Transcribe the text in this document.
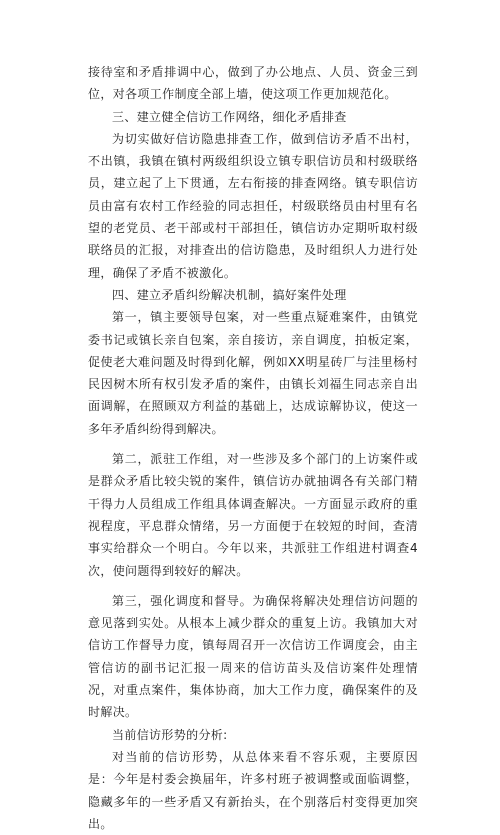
接待室和矛盾排调中心，做到了办公地点、人员、资金三到位，对各项工作制度全部上墙，使这项工作更加规范化。

三、建立健全信访工作网络，细化矛盾排查

为切实做好信访隐患排查工作，做到信访矛盾不出村，不出镇，我镇在镇村两级组织设立镇专职信访员和村级联络员，建立起了上下贯通，左右衔接的排查网络。镇专职信访员由富有农村工作经验的同志担任，村级联络员由村里有名望的老党员、老干部或村干部担任，镇信访办定期听取村级联络员的汇报，对排查出的信访隐患，及时组织人力进行处理，确保了矛盾不被激化。

四、建立矛盾纠纷解决机制，搞好案件处理

第一，镇主要领导包案，对一些重点疑难案件，由镇党委书记或镇长亲自包案，亲自接访，亲自调度，拍板定案，促使老大难问题及时得到化解，例如XX明星砖厂与洼里杨村民因树木所有权引发矛盾的案件，由镇长刘福生同志亲自出面调解，在照顾双方利益的基础上，达成谅解协议，使这一多年矛盾纠纷得到解决。

第二，派驻工作组，对一些涉及多个部门的上访案件或是群众矛盾比较尖锐的案件，镇信访办就抽调各有关部门精干得力人员组成工作组具体调查解决。一方面显示政府的重视程度，平息群众情绪，另一方面便于在较短的时间，查清事实给群众一个明白。今年以来，共派驻工作组进村调查4次，使问题得到较好的解决。

第三，强化调度和督导。为确保将解决处理信访问题的意见落到实处。从根本上减少群众的重复上访。我镇加大对信访工作督导力度，镇每周召开一次信访工作调度会，由主管信访的副书记汇报一周来的信访苗头及信访案件处理情况，对重点案件，集体协商，加大工作力度，确保案件的及时解决。

当前信访形势的分析:

对当前的信访形势，从总体来看不容乐观，主要原因是：今年是村委会换届年，许多村班子被调整或面临调整，隐藏多年的一些矛盾又有新抬头，在个别落后村变得更加突出。
